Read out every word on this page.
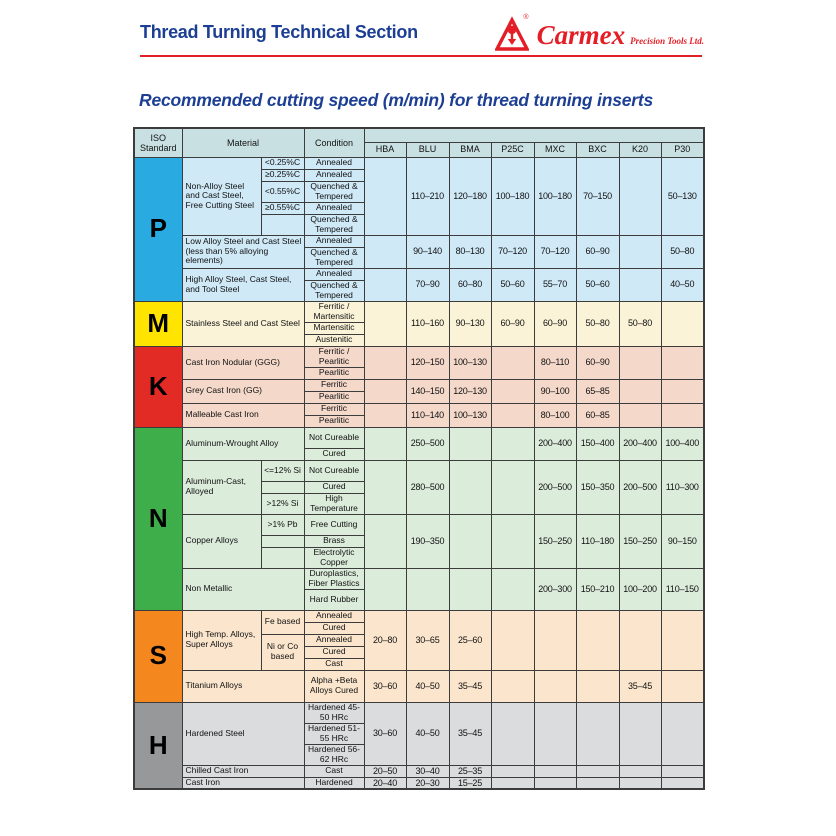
Thread Turning Technical Section
®
Carmex Precision Tools Ltd.
Recommended cutting speed (m/min) for thread turning inserts
ISO Standard	Material		Condition								
				HBA	BLU	BMA	P25C	MXC	BXC	K20	P30
P	Non-Alloy Steel and Cast Steel, Free Cutting Steel	<0.25%C	Annealed		110–210	120–180	100–180	100–180	70–150		50–130
		≥0.25%C	Annealed								
		<0.55%C	Quenched & Tempered								
		≥0.55%C	Annealed								
			Quenched & Tempered								
	Low Alloy Steel and Cast Steel (less than 5% alloying elements)		Annealed		90–140	80–130	70–120	70–120	60–90		50–80
			Quenched & Tempered								
	High Alloy Steel, Cast Steel, and Tool Steel		Annealed		70–90	60–80	50–60	55–70	50–60		40–50
			Quenched & Tempered								
M	Stainless Steel and Cast Steel		Ferritic / Martensitic		110–160	90–130	60–90	60–90	50–80	50–80	
			Martensitic								
			Austenitic								
K	Cast Iron Nodular (GGG)		Ferritic / Pearlitic		120–150	100–130		80–110	60–90		
			Pearlitic								
	Grey Cast Iron (GG)		Ferritic		140–150	120–130		90–100	65–85		
			Pearlitic								
	Malleable Cast Iron		Ferritic		110–140	100–130		80–100	60–85		
			Pearlitic								
N	Aluminum-Wrought Alloy		Not Cureable		250–500			200–400	150–400	200–400	100–400
			Cured								
	Aluminum-Cast, Alloyed	<=12% Si	Not Cureable		280–500			200–500	150–350	200–500	110–300
			Cured								
		>12% Si	High Temperature								
	Copper Alloys	>1% Pb	Free Cutting		190–350			150–250	110–180	150–250	90–150
			Brass								
			Electrolytic Copper								
	Non Metallic		Duroplastics, Fiber Plastics					200–300	150–210	100–200	110–150
			Hard Rubber								
S	High Temp. Alloys, Super Alloys	Fe based	Annealed	20–80	30–65	25–60					
			Cured								
		Ni or Co based	Annealed								
			Cured								
			Cast								
	Titanium Alloys		Alpha +Beta Alloys Cured	30–60	40–50	35–45				35–45	
H	Hardened Steel		Hardened 45-50 HRc	30–60	40–50	35–45					
			Hardened 51-55 HRc								
			Hardened 56-62 HRc								
	Chilled Cast Iron		Cast	20–50	30–40	25–35					
	Cast Iron		Hardened	20–40	20–30	15–25					
